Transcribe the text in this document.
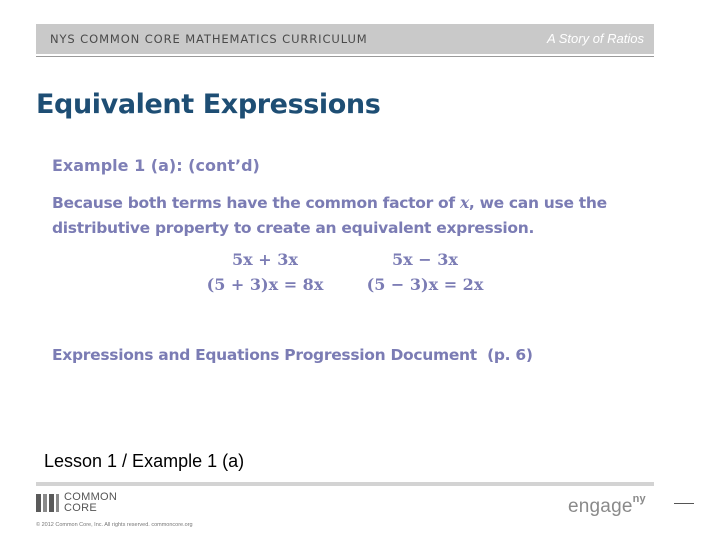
NYS COMMON CORE MATHEMATICS CURRICULUM	A Story of Ratios
Equivalent Expressions
Example 1 (a): (cont’d)

Because both terms have the common factor of x, we can use the distributive property to create an equivalent expression.

5x + 3x
(5 + 3)x = 8x
5x − 3x
(5 − 3)x = 2x
Expressions and Equations Progression Document  (p. 6)
Lesson 1 / Example 1 (a)
COMMON
CORE
© 2012 Common Core, Inc. All rights reserved. commoncore.org
engage$^{ny}$
